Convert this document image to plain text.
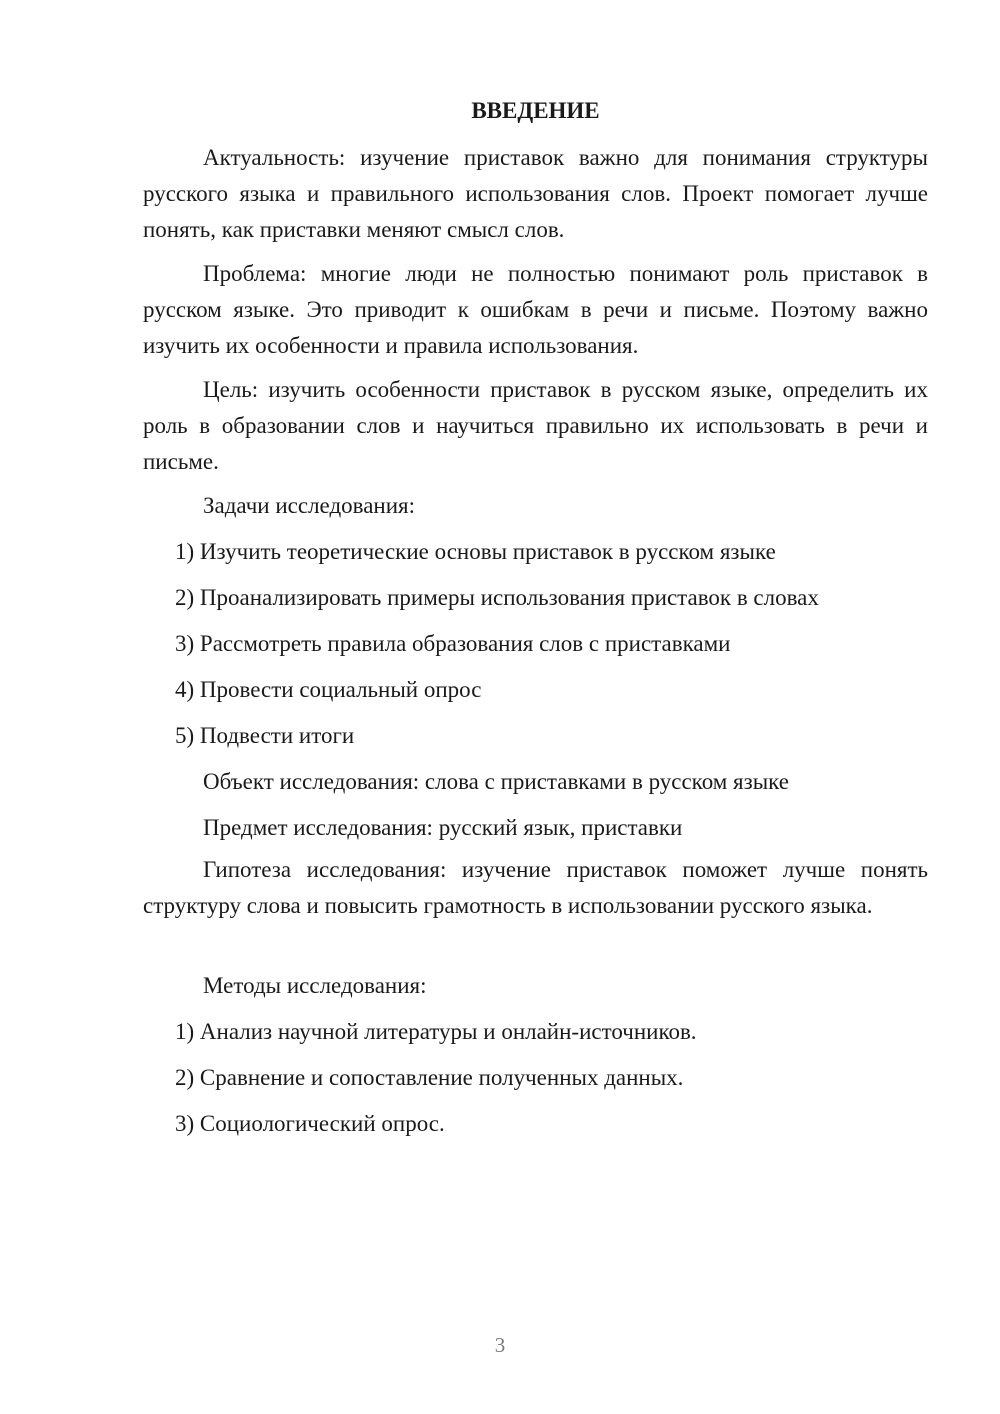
ВВЕДЕНИЕ

Актуальность: изучение приставок важно для понимания структуры русского языка и правильного использования слов. Проект помогает лучше понять, как приставки меняют смысл слов.

Проблема: многие люди не полностью понимают роль приставок в русском языке. Это приводит к ошибкам в речи и письме. Поэтому важно изучить их особенности и правила использования.

Цель: изучить особенности приставок в русском языке, определить их роль в образовании слов и научиться правильно их использовать в речи и письме.

Задачи исследования:

1) Изучить теоретические основы приставок в русском языке

2) Проанализировать примеры использования приставок в словах

3) Рассмотреть правила образования слов с приставками

4) Провести социальный опрос

5) Подвести итоги

Объект исследования: слова с приставками в русском языке

Предмет исследования: русский язык, приставки

Гипотеза исследования: изучение приставок поможет лучше понять структуру слова и повысить грамотность в использовании русского языка.

Методы исследования:

1) Анализ научной литературы и онлайн-источников.

2) Сравнение и сопоставление полученных данных.

3) Социологический опрос.

3
